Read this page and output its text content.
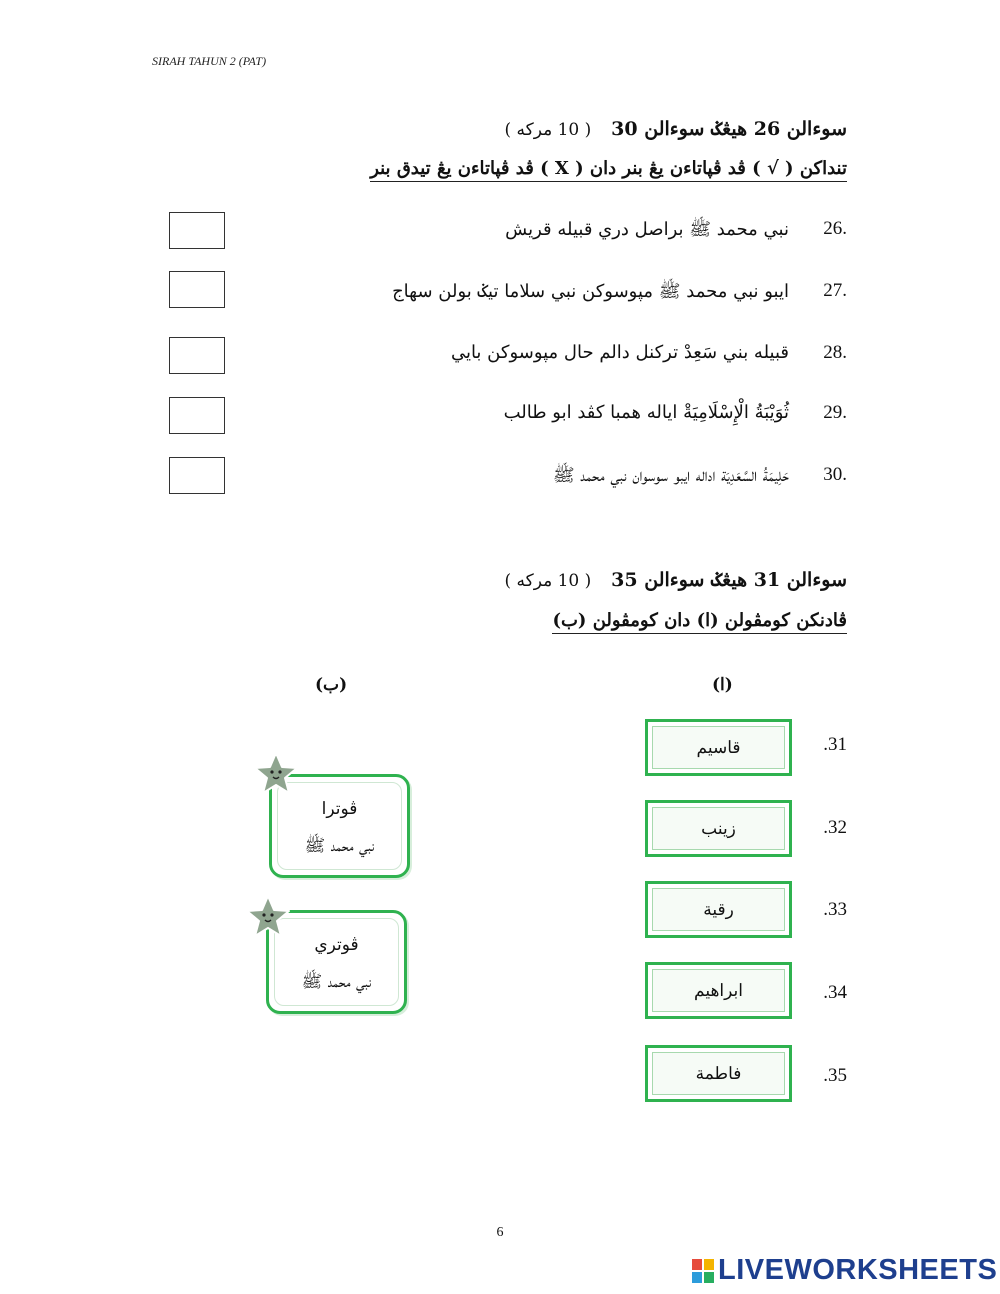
SIRAH TAHUN 2 (PAT)
سوءالن 26 هيڠݢ سوءالن 30   ( 10 مركه )
تنداكن ( √ ) ڤد ڤپاتاءن يڠ بنر دان ( X ) ڤد ڤپاتاءن يڠ تيدق بنر
26.
نبي محمد ﷺ براصل دري قبيله قريش
27.
ايبو نبي محمد ﷺ مپوسوكن نبي سلاما تيݢ بولن سهاج
28.
قبيله بني سَعِدْ تركنل دالم حال مپوسوكن بايي
29.
ثُوَيْبَةُ الْإِسْلَامِيَةْ اياله همبا كڤد ابو طالب
30.
حَلِيمَةُ السَّعَدِيَة اداله ايبو سوسوان نبي محمد ﷺ
سوءالن 31 هيڠݢ سوءالن 35   ( 10 مركه )
ڤادنكن كومڤولن (ا) دان كومڤولن (ب)
(ا)
(ب)
.31
قاسيم
.32
زينب
.33
رقية
.34
ابراهيم
.35
فاطمة
ڤوترا
نبي محمد ﷺ
ڤوتري
نبي محمد ﷺ
6
LIVEWORKSHEETS
